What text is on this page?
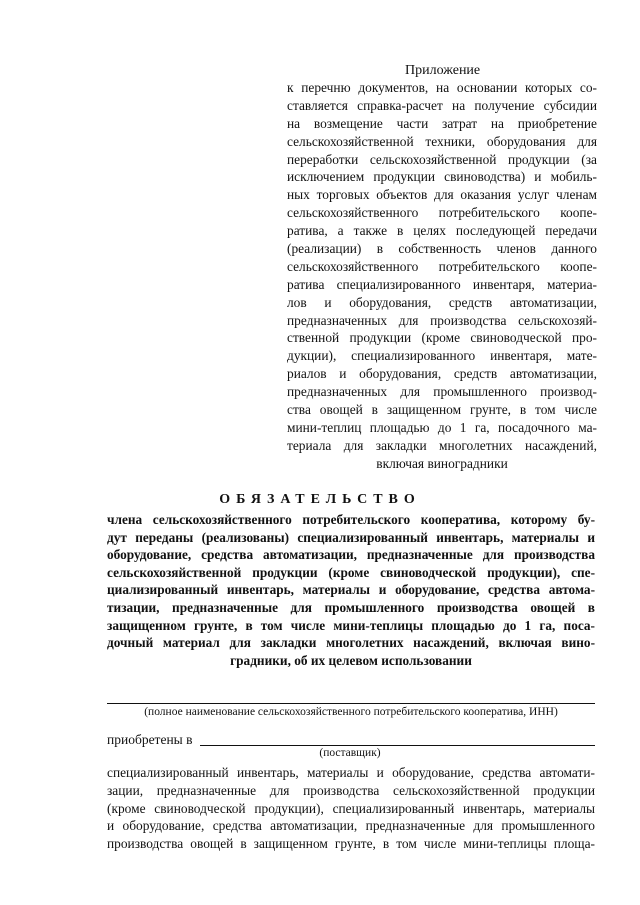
Приложение
к перечню документов, на основании которых со-
ставляется справка-расчет на получение субсидии
на возмещение части затрат на приобретение
сельскохозяйственной техники, оборудования для
переработки сельскохозяйственной продукции (за
исключением продукции свиноводства) и мобиль-
ных торговых объектов для оказания услуг членам
сельскохозяйственного потребительского коопе-
ратива, а также в целях последующей передачи
(реализации) в собственность членов данного
сельскохозяйственного потребительского коопе-
ратива специализированного инвентаря, материа-
лов и оборудования, средств автоматизации,
предназначенных для производства сельскохозяй-
ственной продукции (кроме свиноводческой про-
дукции), специализированного инвентаря, мате-
риалов и оборудования, средств автоматизации,
предназначенных для промышленного производ-
ства овощей в защищенном грунте, в том числе
мини-теплиц площадью до 1 га, посадочного ма-
териала для закладки многолетних насаждений,
включая виноградники
ОБЯЗАТЕЛЬСТВО
члена сельскохозяйственного потребительского кооператива, которому бу-
дут переданы (реализованы) специализированный инвентарь, материалы и
оборудование, средства автоматизации, предназначенные для производства
сельскохозяйственной продукции (кроме свиноводческой продукции), спе-
циализированный инвентарь, материалы и оборудование, средства автома-
тизации, предназначенные для промышленного производства овощей в
защищенном грунте, в том числе мини-теплицы площадью до 1 га, поса-
дочный материал для закладки многолетних насаждений, включая вино-
градники, об их целевом использовании
(полное наименование сельскохозяйственного потребительского кооператива, ИНН)
приобретены в
(поставщик)
специализированный инвентарь, материалы и оборудование, средства автомати-
зации, предназначенные для производства сельскохозяйственной продукции
(кроме свиноводческой продукции), специализированный инвентарь, материалы
и оборудование, средства автоматизации, предназначенные для промышленного
производства овощей в защищенном грунте, в том числе мини-теплицы площа-
